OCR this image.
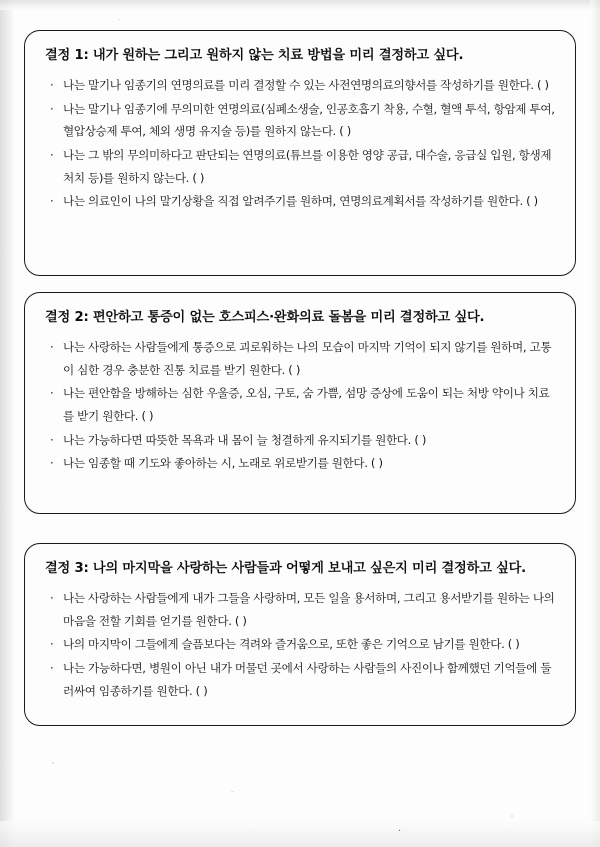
결정 1: 내가 원하는 그리고 원하지 않는 치료 방법을 미리 결정하고 싶다.
· 나는 말기나 임종기의 연명의료를 미리 결정할 수 있는 사전연명의료의향서를 작성하기를 원한다. ( )
· 나는 말기나 임종기에 무의미한 연명의료(심폐소생술, 인공호흡기 착용, 수혈, 혈액 투석, 항암제 투여, 혈압상승제 투여, 체외 생명 유지술 등)를 원하지 않는다. ( )
· 나는 그 밖의 무의미하다고 판단되는 연명의료(튜브를 이용한 영양 공급, 대수술, 응급실 입원, 항생제 처치 등)를 원하지 않는다. ( )
· 나는 의료인이 나의 말기상황을 직접 알려주기를 원하며, 연명의료계획서를 작성하기를 원한다. ( )
결정 2: 편안하고 통증이 없는 호스피스·완화의료 돌봄을 미리 결정하고 싶다.
· 나는 사랑하는 사람들에게 통증으로 괴로워하는 나의 모습이 마지막 기억이 되지 않기를 원하며, 고통이 심한 경우 충분한 진통 치료를 받기 원한다. ( )
· 나는 편안함을 방해하는 심한 우울증, 오심, 구토, 숨 가쁨, 섬망 증상에 도움이 되는 처방 약이나 치료를 받기 원한다. ( )
· 나는 가능하다면 따뜻한 목욕과 내 몸이 늘 청결하게 유지되기를 원한다. ( )
· 나는 임종할 때 기도와 좋아하는 시, 노래로 위로받기를 원한다. ( )
결정 3: 나의 마지막을 사랑하는 사람들과 어떻게 보내고 싶은지 미리 결정하고 싶다.
· 나는 사랑하는 사람들에게 내가 그들을 사랑하며, 모든 일을 용서하며, 그리고 용서받기를 원하는 나의 마음을 전할 기회를 얻기를 원한다. ( )
· 나의 마지막이 그들에게 슬픔보다는 격려와 즐거움으로, 또한 좋은 기억으로 남기를 원한다. ( )
· 나는 가능하다면, 병원이 아닌 내가 머물던 곳에서 사랑하는 사람들의 사진이나 함께했던 기억들에 둘러싸여 임종하기를 원한다. ( )
·
